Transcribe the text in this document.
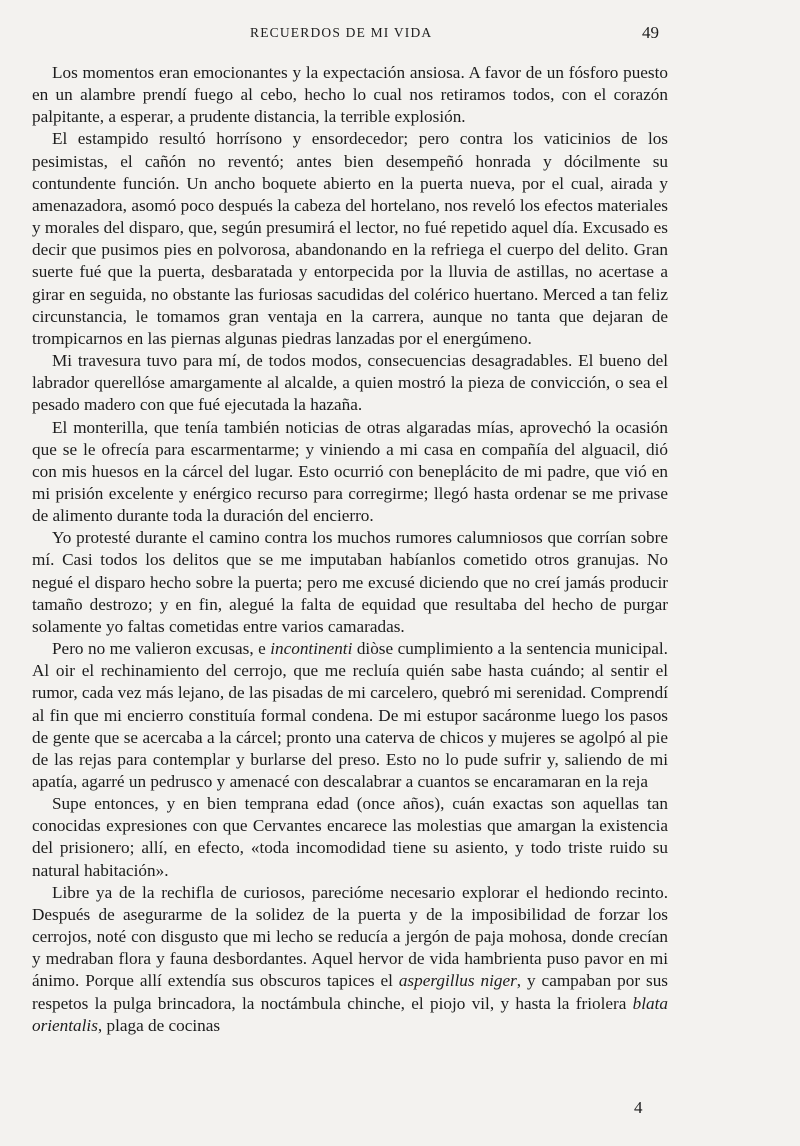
RECUERDOS DE MI VIDA	49

Los momentos eran emocionantes y la expectación ansiosa. A favor de un fósforo puesto en un alambre prendí fuego al cebo, hecho lo cual nos retiramos todos, con el corazón palpitante, a esperar, a prudente distancia, la terrible explosión.

El estampido resultó horrísono y ensordecedor; pero contra los vaticinios de los pesimistas, el cañón no reventó; antes bien desempeñó honrada y dócilmente su contundente función. Un ancho boquete abierto en la puerta nueva, por el cual, airada y amenazadora, asomó poco después la cabeza del hortelano, nos reveló los efectos materiales y morales del disparo, que, según presumirá el lector, no fué repetido aquel día. Excusado es decir que pusimos pies en polvorosa, abandonando en la refriega el cuerpo del delito. Gran suerte fué que la puerta, desbaratada y entorpecida por la lluvia de astillas, no acertase a girar en seguida, no obstante las furiosas sacudidas del colérico huertano. Merced a tan feliz circunstancia, le tomamos gran ventaja en la carrera, aunque no tanta que dejaran de trompicarnos en las piernas algunas piedras lanzadas por el energúmeno.

Mi travesura tuvo para mí, de todos modos, consecuencias desagradables. El bueno del labrador querellóse amargamente al alcalde, a quien mostró la pieza de convicción, o sea el pesado madero con que fué ejecutada la hazaña.

El monterilla, que tenía también noticias de otras algaradas mías, aprovechó la ocasión que se le ofrecía para escarmentarme; y viniendo a mi casa en compañía del alguacil, dió con mis huesos en la cárcel del lugar. Esto ocurrió con beneplácito de mi padre, que vió en mi prisión excelente y enérgico recurso para corregirme; llegó hasta ordenar se me privase de alimento durante toda la duración del encierro.

Yo protesté durante el camino contra los muchos rumores calumniosos que corrían sobre mí. Casi todos los delitos que se me imputaban habíanlos cometido otros granujas. No negué el disparo hecho sobre la puerta; pero me excusé diciendo que no creí jamás producir tamaño destrozo; y en fin, alegué la falta de equidad que resultaba del hecho de purgar solamente yo faltas cometidas entre varios camaradas.

Pero no me valieron excusas, e incontinenti diòse cumplimiento a la sentencia municipal. Al oir el rechinamiento del cerrojo, que me recluía quién sabe hasta cuándo; al sentir el rumor, cada vez más lejano, de las pisadas de mi carcelero, quebró mi serenidad. Comprendí al fin que mi encierro constituía formal condena. De mi estupor sacáronme luego los pasos de gente que se acercaba a la cárcel; pronto una caterva de chicos y mujeres se agolpó al pie de las rejas para contemplar y burlarse del preso. Esto no lo pude sufrir y, saliendo de mi apatía, agarré un pedrusco y amenacé con descalabrar a cuantos se encaramaran en la reja

Supe entonces, y en bien temprana edad (once años), cuán exactas son aquellas tan conocidas expresiones con que Cervantes encarece las molestias que amargan la existencia del prisionero; allí, en efecto, «toda incomodidad tiene su asiento, y todo triste ruido su natural habitación».

Libre ya de la rechifla de curiosos, parecióme necesario explorar el hediondo recinto. Después de asegurarme de la solidez de la puerta y de la imposibilidad de forzar los cerrojos, noté con disgusto que mi lecho se reducía a jergón de paja mohosa, donde crecían y medraban flora y fauna desbordantes. Aquel hervor de vida hambrienta puso pavor en mi ánimo. Porque allí extendía sus obscuros tapices el aspergillus niger, y campaban por sus respetos la pulga brincadora, la noctámbula chinche, el piojo vil, y hasta la friolera blata orientalis, plaga de cocinas

4
